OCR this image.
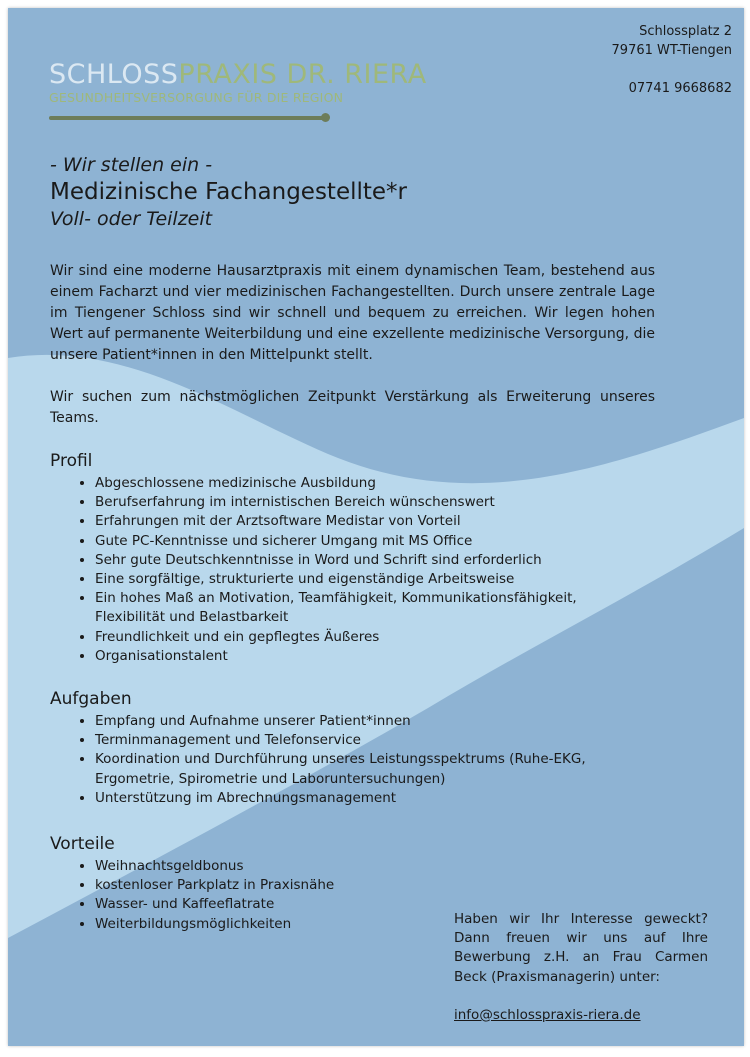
Schlossplatz 2
79761 WT-Tiengen
07741 9668682
SCHLOSSPRAXIS DR. RIERA
GESUNDHEITSVERSORGUNG FÜR DIE REGION
- Wir stellen ein -
Medizinische Fachangestellte*r
Voll- oder Teilzeit

Wir sind eine moderne Hausarztpraxis mit einem dynamischen Team, bestehend aus einem Facharzt und vier medizinischen Fachangestellten. Durch unsere zentrale Lage im Tiengener Schloss sind wir schnell und bequem zu erreichen. Wir legen hohen Wert auf permanente Weiterbildung und eine exzellente medizinische Versorgung, die unsere Patient*innen in den Mittelpunkt stellt.

Wir suchen zum nächstmöglichen Zeitpunkt Verstärkung als Erweiterung unseres Teams.

Profil
• Abgeschlossene medizinische Ausbildung
• Berufserfahrung im internistischen Bereich wünschenswert
• Erfahrungen mit der Arztsoftware Medistar von Vorteil
• Gute PC-Kenntnisse und sicherer Umgang mit MS Office
• Sehr gute Deutschkenntnisse in Word und Schrift sind erforderlich
• Eine sorgfältige, strukturierte und eigenständige Arbeitsweise
• Ein hohes Maß an Motivation, Teamfähigkeit, Kommunikationsfähigkeit, Flexibilität und Belastbarkeit
• Freundlichkeit und ein gepflegtes Äußeres
• Organisationstalent
Aufgaben
• Empfang und Aufnahme unserer Patient*innen
• Terminmanagement und Telefonservice
• Koordination und Durchführung unseres Leistungsspektrums (Ruhe-EKG, Ergometrie, Spirometrie und Laboruntersuchungen)
• Unterstützung im Abrechnungsmanagement
Vorteile
• Weihnachtsgeldbonus
• kostenloser Parkplatz in Praxisnähe
• Wasser- und Kaffeeflatrate
• Weiterbildungsmöglichkeiten	Haben wir Ihr Interesse geweckt? Dann freuen wir uns auf Ihre Bewerbung z.H. an Frau Carmen Beck (Praxismanagerin) unter:
info@schlosspraxis-riera.de
